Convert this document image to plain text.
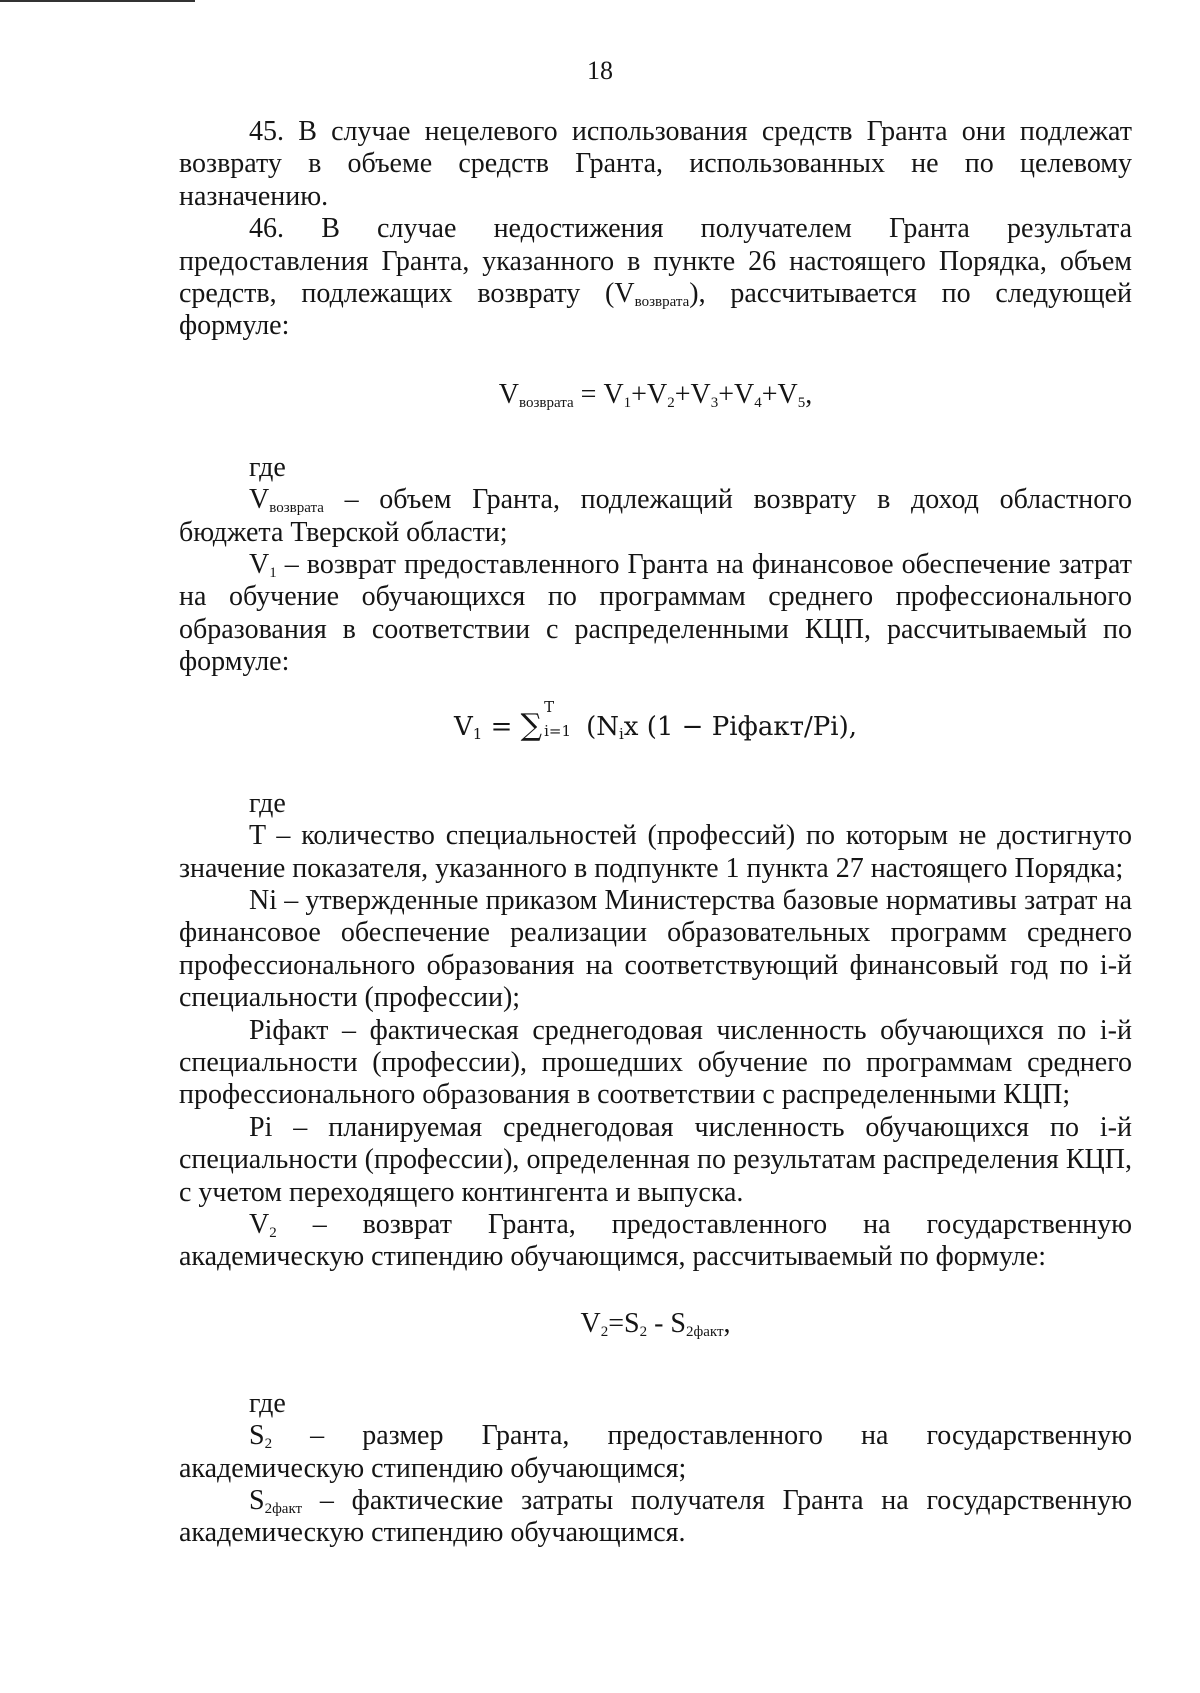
18

45. В случае нецелевого использования средств Гранта они подлежат возврату в объеме средств Гранта, использованных не по целевому назначению.

46. В случае недостижения получателем Гранта результата предоставления Гранта, указанного в пункте 26 настоящего Порядка, объем средств, подлежащих возврату $(V_{возврата})$, рассчитывается по следующей формуле:

$V_{возврата} = V_1+V_2+V_3+V_4+V_5$,

где

$V_{возврата}$ – объем Гранта, подлежащий возврату в доход областного бюджета Тверской области;

$V_1$ – возврат предоставленного Гранта на финансовое обеспечение затрат на обучение обучающихся по программам среднего профессионального образования в соответствии с распределенными КЦП, рассчитываемый по формуле:

$V_1$ = ∑
T
i=1 ($N_ix$ (1 − Piфакт/Pi),

где

T – количество специальностей (профессий) по которым не достигнуто значение показателя, указанного в подпункте 1 пункта 27 настоящего Порядка;

Ni – утвержденные приказом Министерства базовые нормативы затрат на финансовое обеспечение реализации образовательных программ среднего профессионального образования на соответствующий финансовый год по i-й специальности (профессии);

Piфакт – фактическая среднегодовая численность обучающихся по i-й специальности (профессии), прошедших обучение по программам среднего профессионального образования в соответствии с распределенными КЦП;

Pi – планируемая среднегодовая численность обучающихся по i-й специальности (профессии), определенная по результатам распределения КЦП, с учетом переходящего контингента и выпуска.

$V_2$ – возврат Гранта, предоставленного на государственную академическую стипендию обучающимся, рассчитываемый по формуле:

$V_2=S_2 - S_{2факт}$,

где

$S_2$ – размер Гранта, предоставленного на государственную академическую стипендию обучающимся;

$S_{2факт}$ – фактические затраты получателя Гранта на государственную академическую стипендию обучающимся.
